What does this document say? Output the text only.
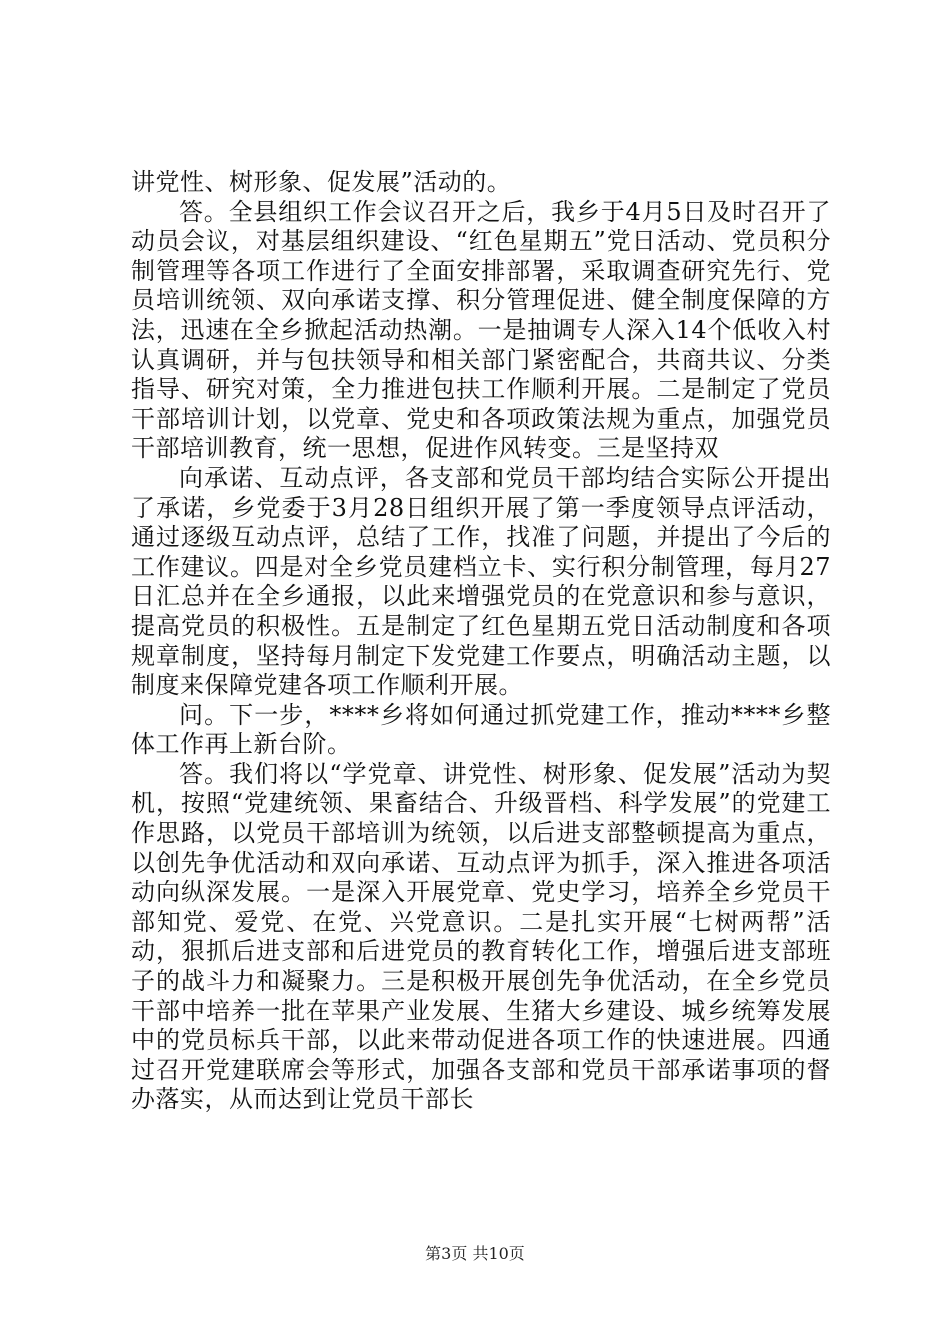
讲党性、树形象、促发展”活动的。

答。全县组织工作会议召开之后，我乡于4月5日及时召开了动员会议，对基层组织建设、“红色星期五”党日活动、党员积分制管理等各项工作进行了全面安排部署，采取调查研究先行、党员培训统领、双向承诺支撑、积分管理促进、健全制度保障的方法，迅速在全乡掀起活动热潮。一是抽调专人深入14个低收入村认真调研，并与包扶领导和相关部门紧密配合，共商共议、分类指导、研究对策，全力推进包扶工作顺利开展。二是制定了党员干部培训计划，以党章、党史和各项政策法规为重点，加强党员干部培训教育，统一思想，促进作风转变。三是坚持双

向承诺、互动点评，各支部和党员干部均结合实际公开提出了承诺，乡党委于3月28日组织开展了第一季度领导点评活动，通过逐级互动点评，总结了工作，找准了问题，并提出了今后的工作建议。四是对全乡党员建档立卡、实行积分制管理，每月27日汇总并在全乡通报，以此来增强党员的在党意识和参与意识，提高党员的积极性。五是制定了红色星期五党日活动制度和各项规章制度，坚持每月制定下发党建工作要点，明确活动主题，以制度来保障党建各项工作顺利开展。

问。下一步，****乡将如何通过抓党建工作，推动****乡整体工作再上新台阶。

答。我们将以“学党章、讲党性、树形象、促发展”活动为契机，按照“党建统领、果畜结合、升级晋档、科学发展”的党建工作思路，以党员干部培训为统领，以后进支部整顿提高为重点，以创先争优活动和双向承诺、互动点评为抓手，深入推进各项活动向纵深发展。一是深入开展党章、党史学习，培养全乡党员干部知党、爱党、在党、兴党意识。二是扎实开展“七树两帮”活动，狠抓后进支部和后进党员的教育转化工作，增强后进支部班子的战斗力和凝聚力。三是积极开展创先争优活动，在全乡党员干部中培养一批在苹果产业发展、生猪大乡建设、城乡统筹发展中的党员标兵干部，以此来带动促进各项工作的快速进展。四通过召开党建联席会等形式，加强各支部和党员干部承诺事项的督办落实，从而达到让党员干部长

第3页 共10页
